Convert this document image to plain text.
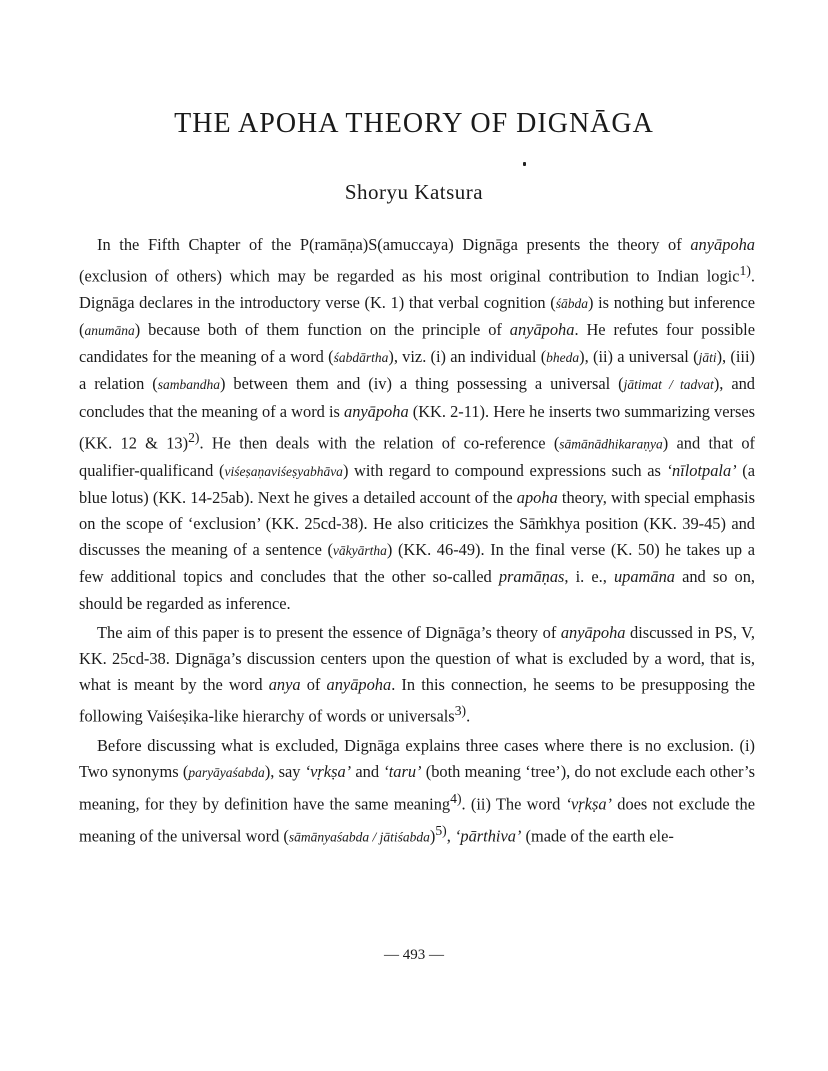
THE APOHA THEORY OF DIGNĀGA
Shoryu Katsura

In the Fifth Chapter of the P(ramāṇa)S(amuccaya) Dignāga presents the theory of anyāpoha (exclusion of others) which may be regarded as his most original contribution to Indian logic$^{1)}$. Dignāga declares in the introductory verse (K. 1) that verbal cognition (śābda) is nothing but inference (anumāna) because both of them function on the principle of anyāpoha. He refutes four possible candidates for the meaning of a word (śabdārtha), viz. (i) an individual (bheda), (ii) a universal (jāti), (iii) a relation (sambandha) between them and (iv) a thing possessing a universal (jātimat / tadvat), and concludes that the meaning of a word is anyāpoha (KK. 2-11). Here he inserts two summarizing verses (KK. 12 & 13)$^{2)}$. He then deals with the relation of co-reference (sāmānādhikaraṇya) and that of qualifier-qualificand (viśeṣaṇaviśeṣyabhāva) with regard to compound expressions such as ‘nīlotpala’ (a blue lotus) (KK. 14-25ab). Next he gives a detailed account of the apoha theory, with special emphasis on the scope of ‘exclusion’ (KK. 25cd-38). He also criticizes the Sāṁkhya position (KK. 39-45) and discusses the meaning of a sentence (vākyārtha) (KK. 46-49). In the final verse (K. 50) he takes up a few additional topics and concludes that the other so-called pramāṇas, i. e., upamāna and so on, should be regarded as inference.

The aim of this paper is to present the essence of Dignāga’s theory of anyāpoha discussed in PS, V, KK. 25cd-38. Dignāga’s discussion centers upon the question of what is excluded by a word, that is, what is meant by the word anya of anyāpoha. In this connection, he seems to be presupposing the following Vaiśeṣika-like hierarchy of words or universals$^{3)}$.

Before discussing what is excluded, Dignāga explains three cases where there is no exclusion. (i) Two synonyms (paryāyaśabda), say ‘vṛkṣa’ and ‘taru’ (both meaning ‘tree’), do not exclude each other’s meaning, for they by definition have the same meaning$^{4)}$. (ii) The word ‘vṛkṣa’ does not exclude the meaning of the universal word (sāmānyaśabda / jātiśabda)$^{5)}$, ‘pārthiva’ (made of the earth ele-

— 493 —
